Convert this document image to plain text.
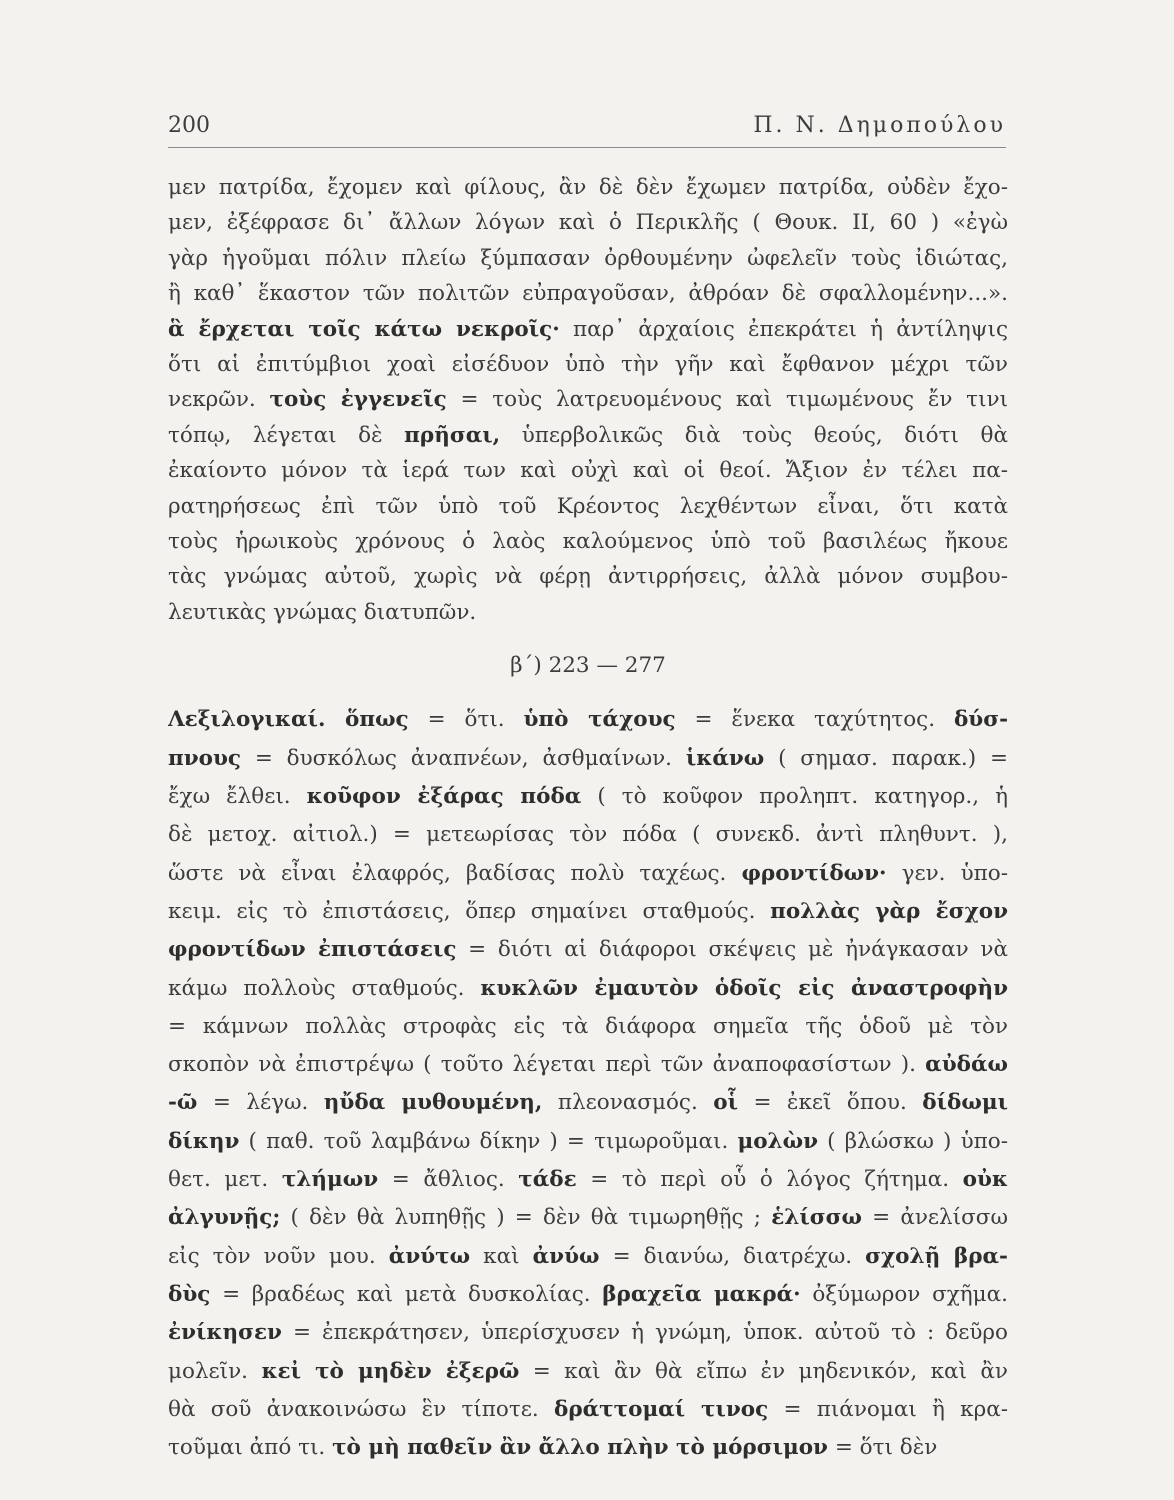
200	Π. Ν. Δημοπούλου
μεν πατρίδα, ἔχομεν καὶ φίλους, ἂν δὲ δὲν ἔχωμεν πατρίδα, οὐδὲν ἔχο-
μεν, ἐξέφρασε δι᾽ ἄλλων λόγων καὶ ὁ Περικλῆς ( Θουκ. II, 60 ) «ἐγὼ
γὰρ ἡγοῦμαι πόλιν πλείω ξύμπασαν ὀρθουμένην ὠφελεῖν τοὺς ἰδιώτας,
ἢ καθ᾽ ἕκαστον τῶν πολιτῶν εὐπραγοῦσαν, ἀθρόαν δὲ σφαλλομένην...».
ἃ ἔρχεται τοῖς κάτω νεκροῖς· παρ᾽ ἀρχαίοις ἐπεκράτει ἡ ἀντίληψις
ὅτι αἱ ἐπιτύμβιοι χοαὶ εἰσέδυον ὑπὸ τὴν γῆν καὶ ἔφθανον μέχρι τῶν
νεκρῶν. τοὺς ἐγγενεῖς = τοὺς λατρευομένους καὶ τιμωμένους ἔν τινι
τόπῳ, λέγεται δὲ πρῆσαι, ὑπερβολικῶς διὰ τοὺς θεούς, διότι θὰ
ἐκαίοντο μόνον τὰ ἱερά των καὶ οὐχὶ καὶ οἱ θεοί. Ἄξιον ἐν τέλει πα-
ρατηρήσεως ἐπὶ τῶν ὑπὸ τοῦ Κρέοντος λεχθέντων εἶναι, ὅτι κατὰ
τοὺς ἡρωικοὺς χρόνους ὁ λαὸς καλούμενος ὑπὸ τοῦ βασιλέως ἤκουε
τὰς γνώμας αὐτοῦ, χωρὶς νὰ φέρῃ ἀντιρρήσεις, ἀλλὰ μόνον συμβου-
λευτικὰς γνώμας διατυπῶν.
β΄) 223 — 277
Λεξιλογικαί. ὅπως = ὅτι. ὑπὸ τάχους = ἕνεκα ταχύτητος. δύσ-
πνους = δυσκόλως ἀναπνέων, ἀσθμαίνων. ἱκάνω ( σημασ. παρακ.) =
ἔχω ἔλθει. κοῦφον ἐξάρας πόδα ( τὸ κοῦφον προληπτ. κατηγορ., ἡ
δὲ μετοχ. αἰτιολ.) = μετεωρίσας τὸν πόδα ( συνεκδ. ἀντὶ πληθυντ. ),
ὥστε νὰ εἶναι ἐλαφρός, βαδίσας πολὺ ταχέως. φροντίδων· γεν. ὑπο-
κειμ. εἰς τὸ ἐπιστάσεις, ὅπερ σημαίνει σταθμούς. πολλὰς γὰρ ἔσχον
φροντίδων ἐπιστάσεις = διότι αἱ διάφοροι σκέψεις μὲ ἠνάγκασαν νὰ
κάμω πολλοὺς σταθμούς. κυκλῶν ἐμαυτὸν ὁδοῖς εἰς ἀναστροφὴν
= κάμνων πολλὰς στροφὰς εἰς τὰ διάφορα σημεῖα τῆς ὁδοῦ μὲ τὸν
σκοπὸν νὰ ἐπιστρέψω ( τοῦτο λέγεται περὶ τῶν ἀναποφασίστων ). αὐδάω
-ῶ = λέγω. ηὔδα μυθουμένη, πλεονασμός. οἷ = ἐκεῖ ὅπου. δίδωμι
δίκην ( παθ. τοῦ λαμβάνω δίκην ) = τιμωροῦμαι. μολὼν ( βλώσκω ) ὑπο-
θετ. μετ. τλήμων = ἄθλιος. τάδε = τὸ περὶ οὗ ὁ λόγος ζήτημα. οὐκ
ἀλγυνῇς; ( δὲν θὰ λυπηθῇς ) = δὲν θὰ τιμωρηθῇς ; ἑλίσσω = ἀνελίσσω
εἰς τὸν νοῦν μου. ἀνύτω καὶ ἀνύω = διανύω, διατρέχω. σχολῇ βρα-
δὺς = βραδέως καὶ μετὰ δυσκολίας. βραχεῖα μακρά· ὀξύμωρον σχῆμα.
ἐνίκησεν = ἐπεκράτησεν, ὑπερίσχυσεν ἡ γνώμη, ὑποκ. αὐτοῦ τὸ : δεῦρο
μολεῖν. κεἰ τὸ μηδὲν ἐξερῶ = καὶ ἂν θὰ εἴπω ἐν μηδενικόν, καὶ ἂν
θὰ σοῦ ἀνακοινώσω ἓν τίποτε. δράττομαί τινος = πιάνομαι ἢ κρα-
τοῦμαι ἀπό τι. τὸ μὴ παθεῖν ἂν ἄλλο πλὴν τὸ μόρσιμον = ὅτι δὲν
